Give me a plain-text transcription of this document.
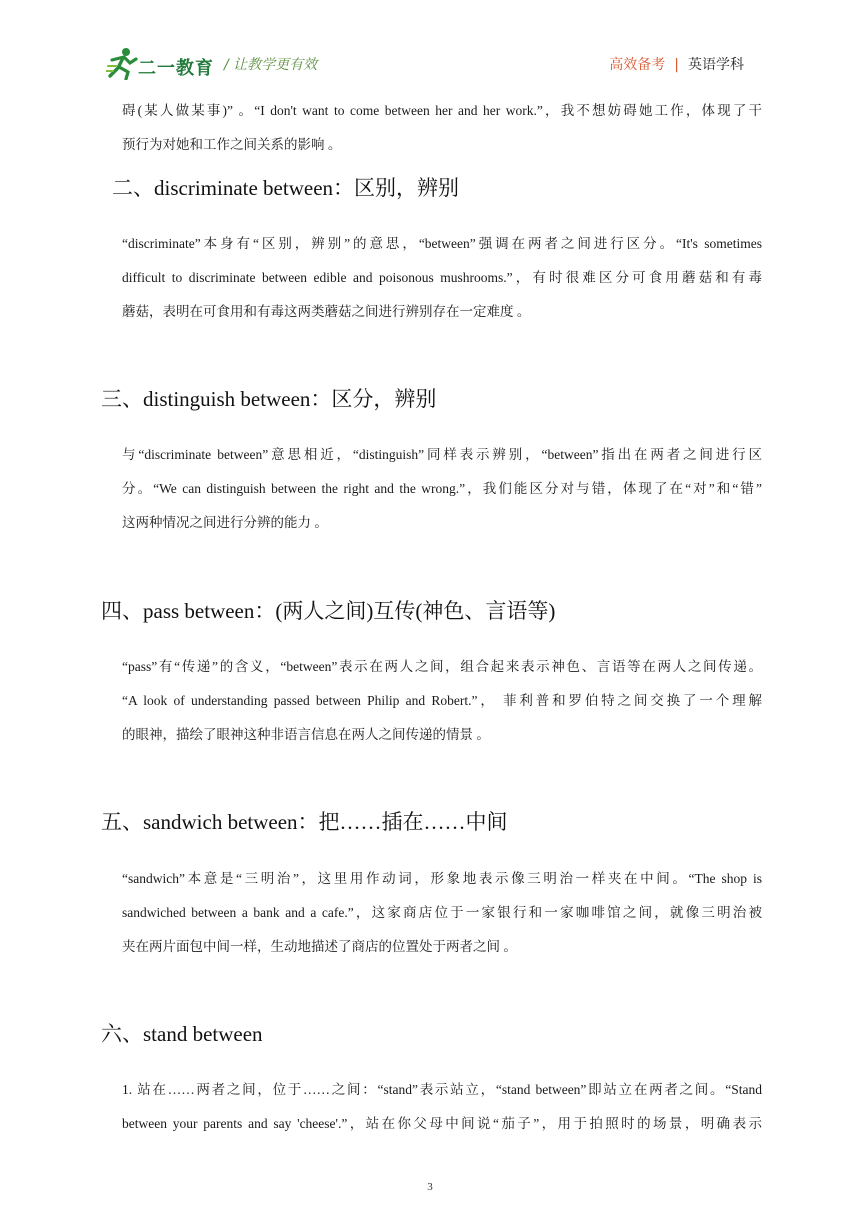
二一教育 / 让教学更有效	高效备考 | 英语学科
碍(某人做某事)” 。“I don't want to come between her and her work.”，我不想妨碍她工作，体现了干
预行为对她和工作之间关系的影响 。
二、discriminate between：区别，辨别
“discriminate”本身有“区别，辨别”的意思，“between”强调在两者之间进行区分。“It's sometimes
difficult to discriminate between edible and poisonous mushrooms.”，有时很难区分可食用蘑菇和有毒
蘑菇，表明在可食用和有毒这两类蘑菇之间进行辨别存在一定难度 。
三、distinguish between：区分，辨别
与“discriminate between”意思相近，“distinguish”同样表示辨别，“between”指出在两者之间进行区
分。“We can distinguish between the right and the wrong.”，我们能区分对与错，体现了在“对”和“错”
这两种情况之间进行分辨的能力 。
四、pass between：(两人之间)互传(神色、言语等)
“pass”有“传递”的含义，“between”表示在两人之间，组合起来表示神色、言语等在两人之间传递。
“A look of understanding passed between Philip and Robert.”， 菲利普和罗伯特之间交换了一个理解
的眼神，描绘了眼神这种非语言信息在两人之间传递的情景 。
五、sandwich between：把……插在……中间
“sandwich”本意是“三明治”，这里用作动词，形象地表示像三明治一样夹在中间。“The shop is
sandwiched between a bank and a cafe.”，这家商店位于一家银行和一家咖啡馆之间，就像三明治被
夹在两片面包中间一样，生动地描述了商店的位置处于两者之间 。
六、stand between
1. 站在……两者之间，位于……之间：“stand”表示站立，“stand between”即站立在两者之间。“Stand
between your parents and say 'cheese'.”，站在你父母中间说“茄子”，用于拍照时的场景，明确表示
3
